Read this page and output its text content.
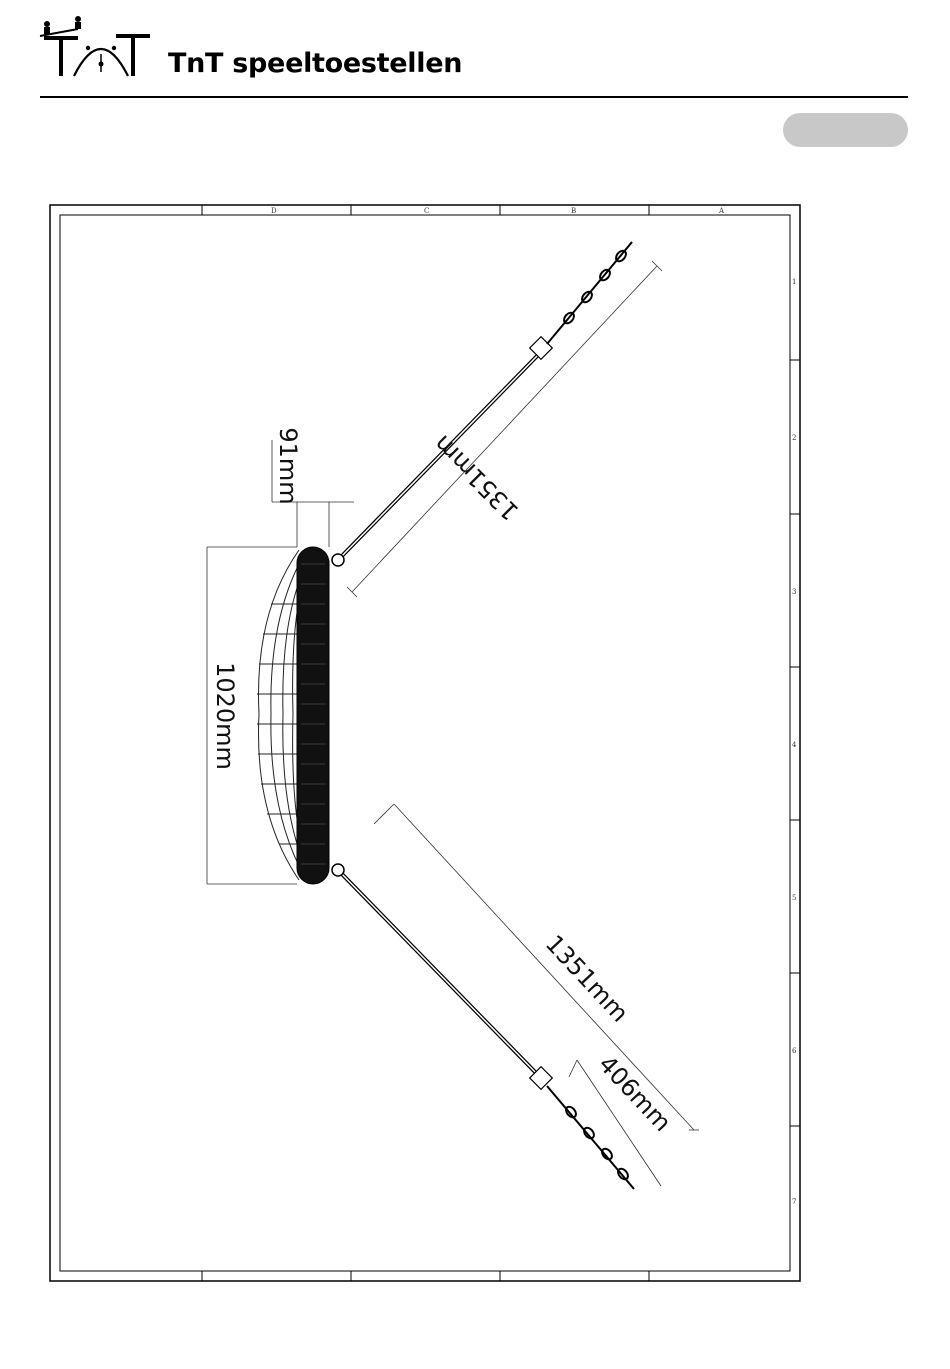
TnT speeltoestellen
D	C	B	A
1
2
3
4
5
6
7
1351mm
1351mm
406mm
91mm
1020mm
